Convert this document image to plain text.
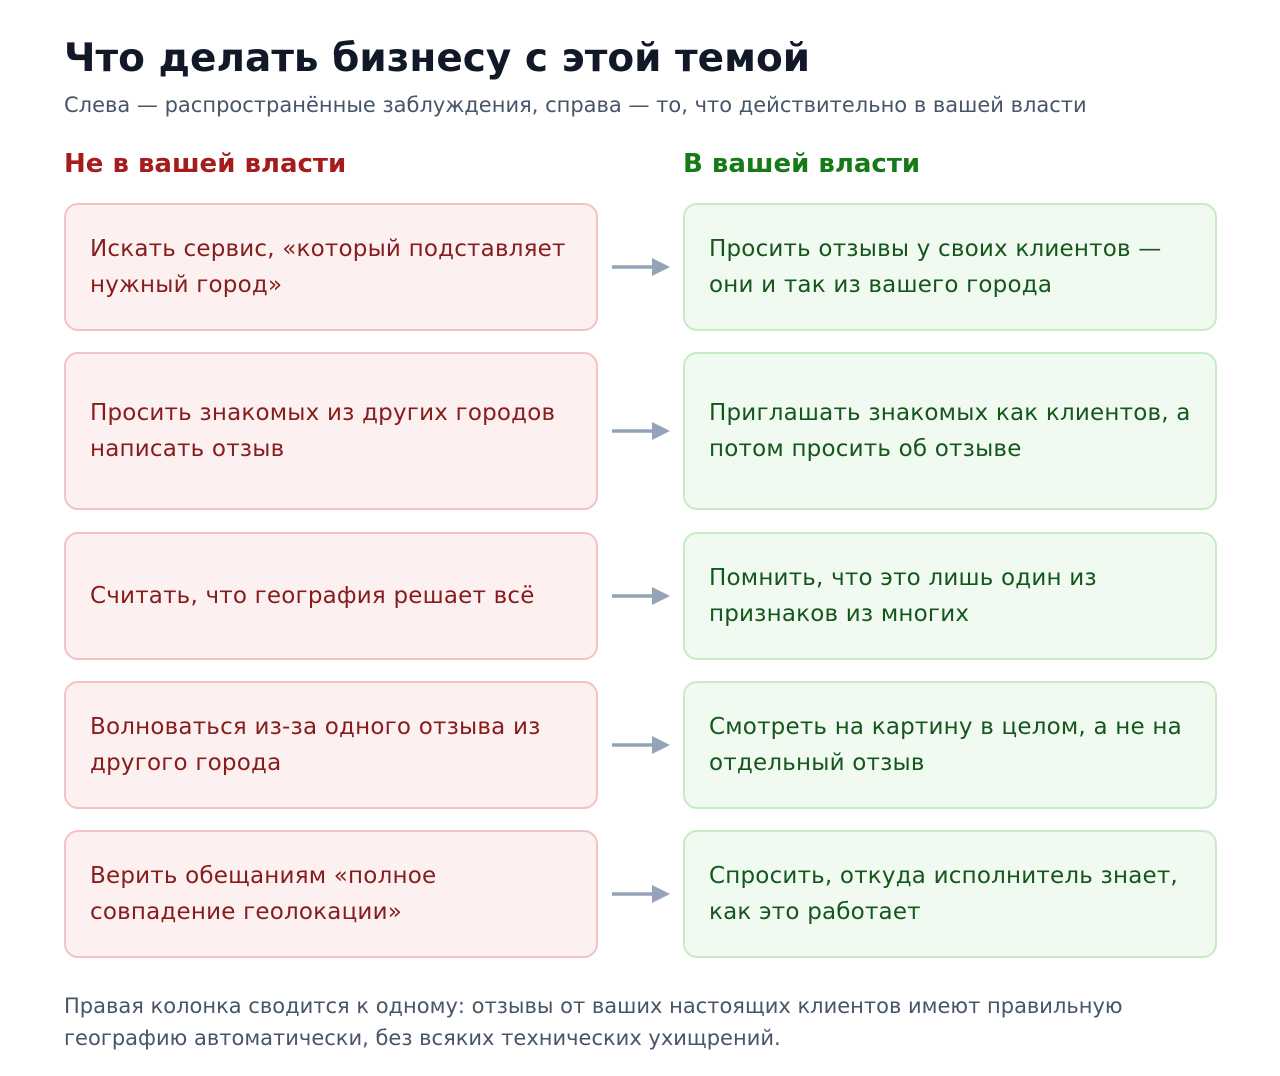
Что делать бизнесу с этой темой
Слева — распространённые заблуждения, справа — то, что действительно в вашей власти
Не в вашей власти	В вашей власти
Искать сервис, «который подставляет нужный город»
Просить отзывы у своих клиентов — они и так из вашего города
Просить знакомых из других городов написать отзыв
Приглашать знакомых как клиентов, а потом просить об отзыве
Считать, что география решает всё
Помнить, что это лишь один из признаков из многих
Волноваться из-за одного отзыва из другого города
Смотреть на картину в целом, а не на отдельный отзыв
Верить обещаниям «полное совпадение геолокации»
Спросить, откуда исполнитель знает, как это работает
Правая колонка сводится к одному: отзывы от ваших настоящих клиентов имеют правильную географию автоматически, без всяких технических ухищрений.
